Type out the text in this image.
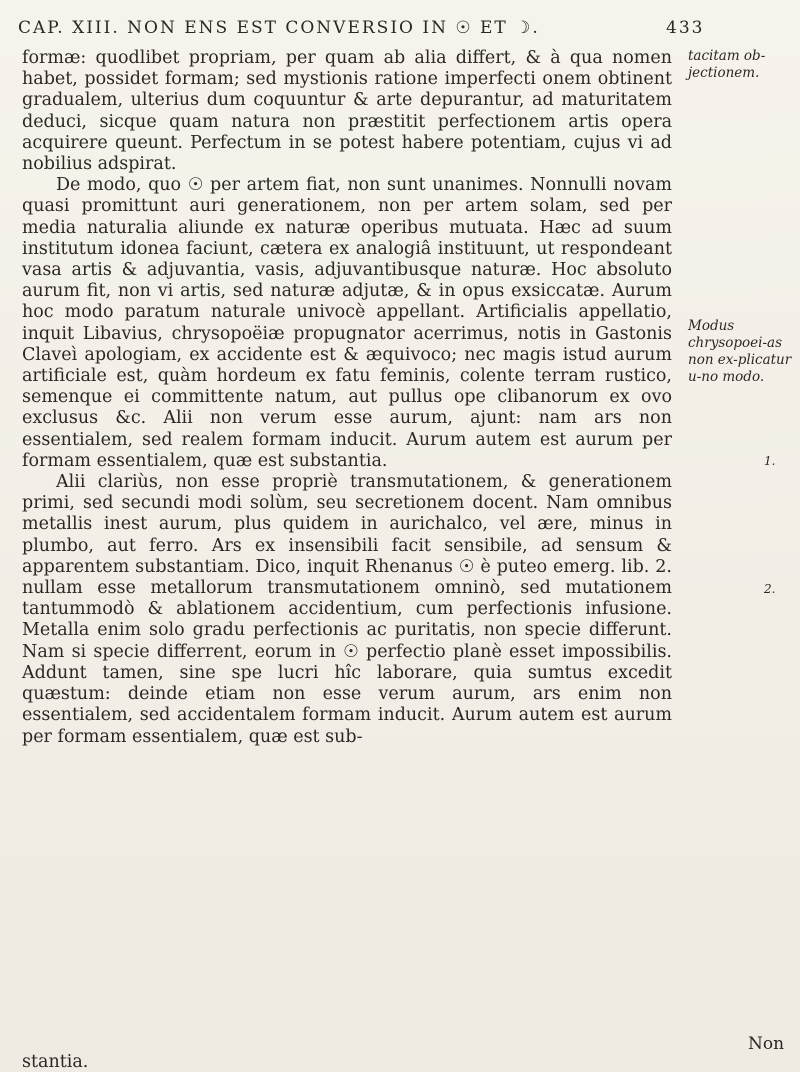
CAP. XIII. NON ENS EST CONVERSIO IN ☉ ET ☽.	433

formæ: quodlibet propriam, per quam ab alia differt, & à qua nomen habet, possidet formam; sed mystionis ratione imperfecti onem obtinent gradualem, ulterius dum coquuntur & arte depurantur, ad maturitatem deduci, sicque quam natura non præstitit perfectionem artis opera acquirere queunt. Perfectum in se potest habere potentiam, cujus vi ad nobilius adspirat.

De modo, quo ☉ per artem fiat, non sunt unanimes. Nonnulli novam quasi promittunt auri generationem, non per artem solam, sed per media naturalia aliunde ex naturæ operibus mutuata. Hæc ad suum institutum idonea faciunt, cætera ex analogiâ instituunt, ut respondeant vasa artis & adjuvantia, vasis, adjuvantibusque naturæ. Hoc absoluto aurum fit, non vi artis, sed naturæ adjutæ, & in opus exsiccatæ. Aurum hoc modo paratum naturale univocè appellant. Artificialis appellatio, inquit Libavius, chrysopoëiæ propugnator acerrimus, notis in Gastonis Claveì apologiam, ex accidente est & æquivoco; nec magis istud aurum artificiale est, quàm hordeum ex fatu feminis, colente terram rustico, semenque ei committente natum, aut pullus ope clibanorum ex ovo exclusus &c. Alii non verum esse aurum, ajunt: nam ars non essentialem, sed realem formam inducit. Aurum autem est aurum per formam essentialem, quæ est substantia.

Alii clariùs, non esse propriè transmutationem, & generationem primi, sed secundi modi solùm, seu secretionem docent. Nam omnibus metallis inest aurum, plus quidem in aurichalco, vel ære, minus in plumbo, aut ferro. Ars ex insensibili facit sensibile, ad sensum & apparentem substantiam. Dico, inquit Rhenanus ☉ è puteo emerg. lib. 2. nullam esse metallorum transmutationem omninò, sed mutationem tantummodò & ablationem accidentium, cum perfectionis infusione. Metalla enim solo gradu perfectionis ac puritatis, non specie differunt. Nam si specie differrent, eorum in ☉ perfectio planè esset impossibilis. Addunt tamen, sine spe lucri hîc laborare, quia sumtus excedit quæstum: deinde etiam non esse verum aurum, ars enim non essentialem, sed accidentalem formam inducit. Aurum autem est aurum per formam essentialem, quæ est sub-

tacitam ob-jectionem.
Modus chrysopoei-as non ex-plicatur u-no modo.
1.
2.
Non
stantia.
